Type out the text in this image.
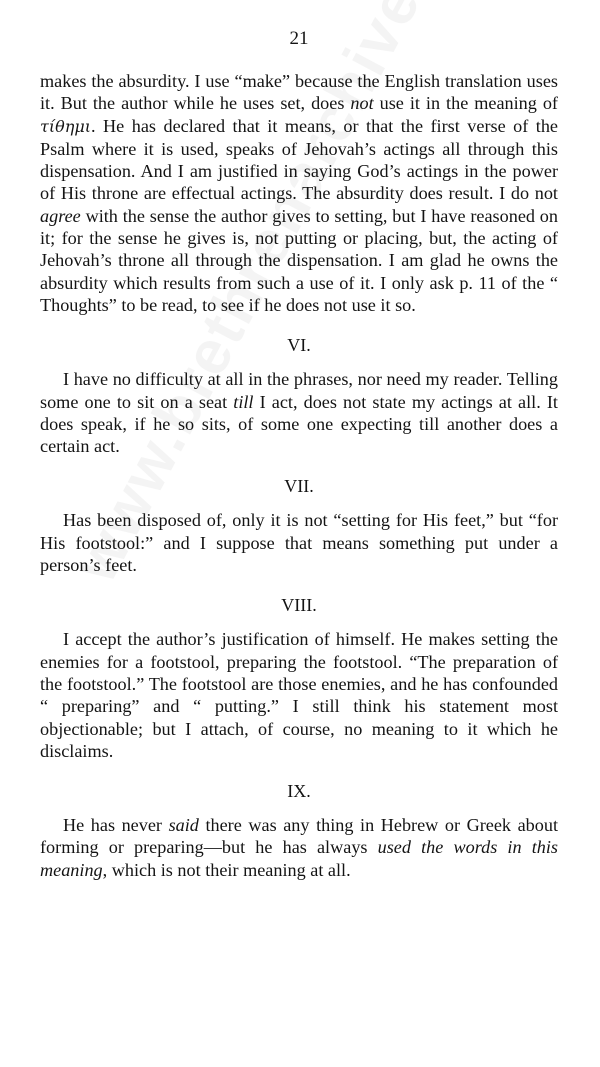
21

makes the absurdity. I use “make” because the English translation uses it. But the author while he uses set, does not use it in the meaning of τίθημι. He has declared that it means, or that the first verse of the Psalm where it is used, speaks of Jehovah’s actings all through this dispensation. And I am justified in saying God’s actings in the power of His throne are effectual actings. The absurdity does result. I do not agree with the sense the author gives to setting, but I have reasoned on it; for the sense he gives is, not putting or placing, but, the acting of Jehovah’s throne all through the dispensation. I am glad he owns the absurdity which results from such a use of it. I only ask p. 11 of the “ Thoughts” to be read, to see if he does not use it so.

VI.

I have no difficulty at all in the phrases, nor need my reader. Telling some one to sit on a seat till I act, does not state my actings at all. It does speak, if he so sits, of some one expecting till another does a certain act.

VII.

Has been disposed of, only it is not “setting for His feet,” but “for His footstool:” and I suppose that means something put under a person’s feet.

VIII.

I accept the author’s justification of himself. He makes setting the enemies for a footstool, preparing the footstool. “The preparation of the footstool.” The footstool are those enemies, and he has confounded “ preparing” and “ putting.” I still think his statement most objectionable; but I attach, of course, no meaning to it which he disclaims.

IX.

He has never said there was any thing in Hebrew or Greek about forming or preparing—but he has always used the words in this meaning, which is not their meaning at all.
